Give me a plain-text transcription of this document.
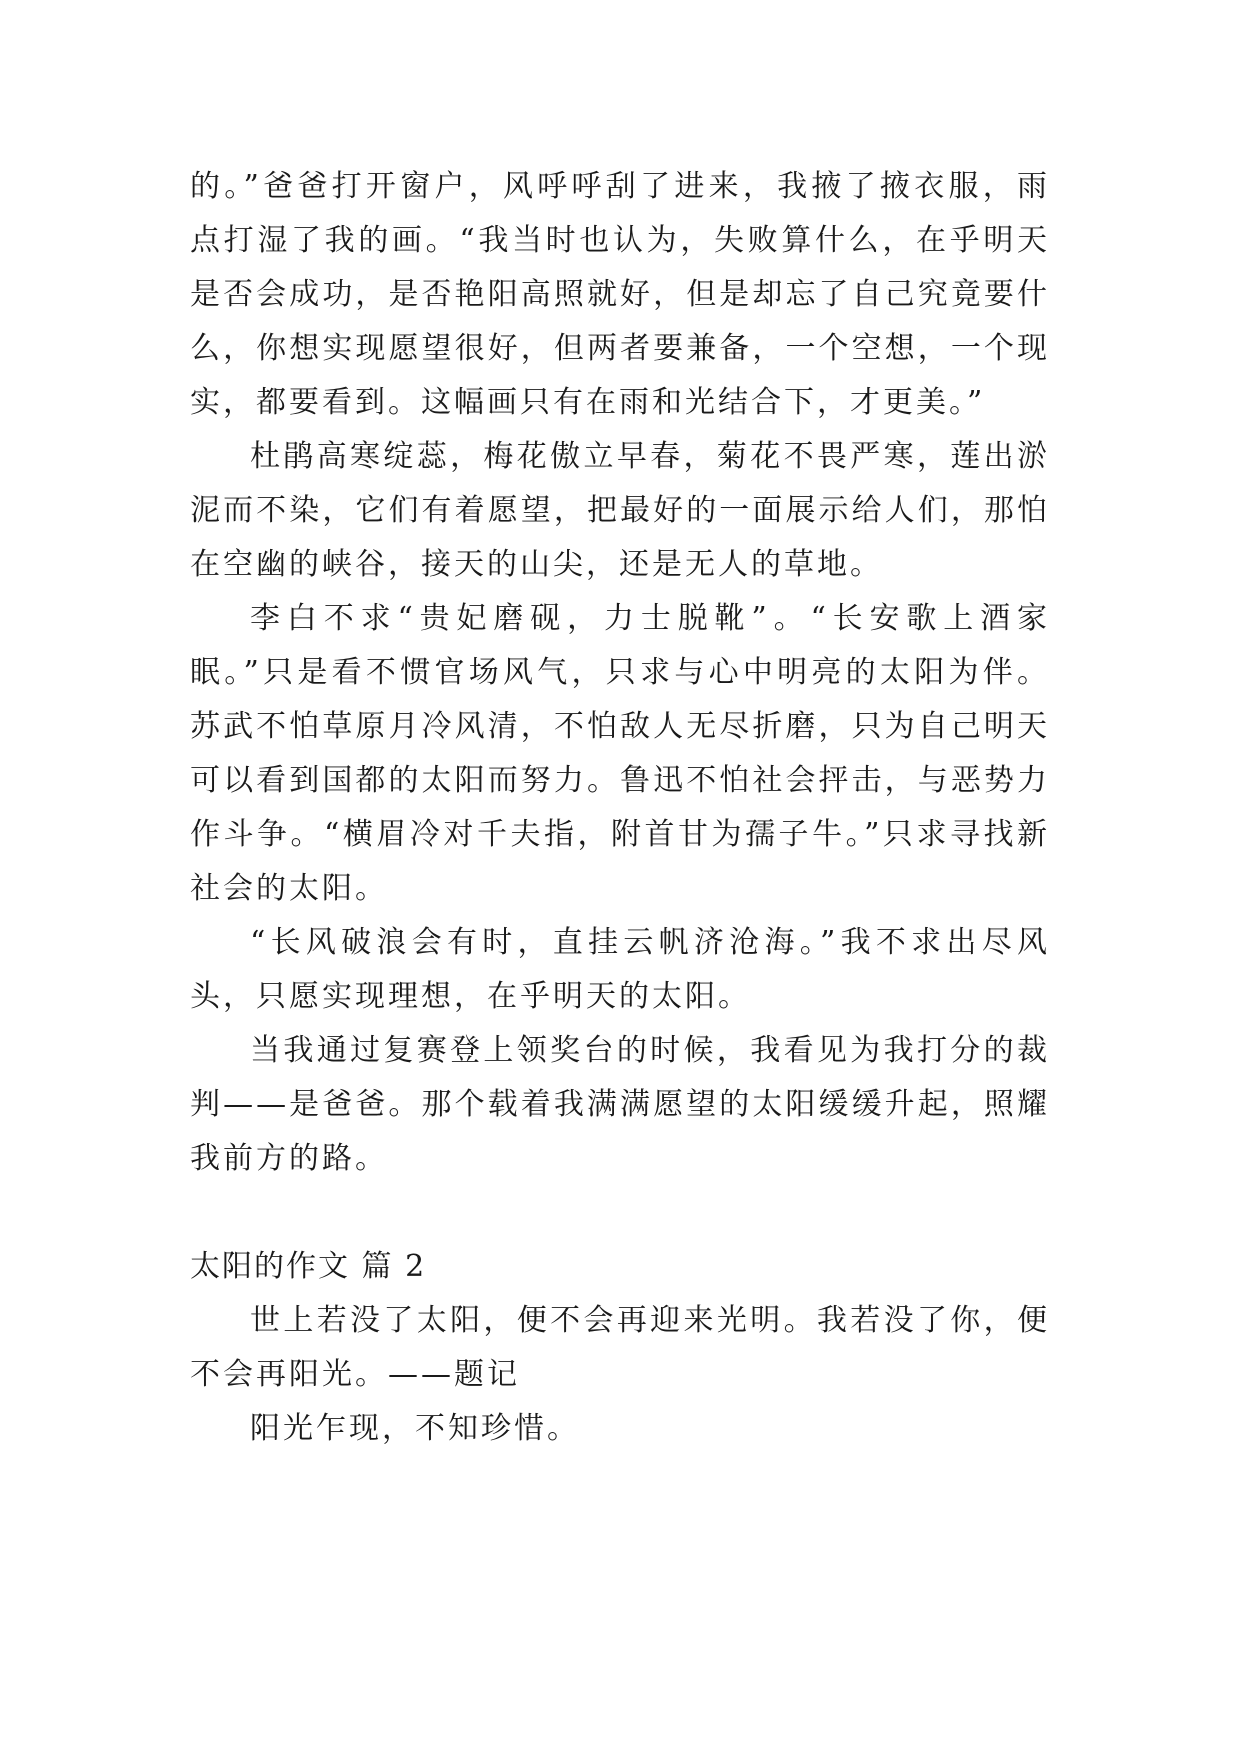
的。”爸爸打开窗户，风呼呼刮了进来，我掖了掖衣服，雨点打湿了我的画。“我当时也认为，失败算什么，在乎明天是否会成功，是否艳阳高照就好，但是却忘了自己究竟要什么，你想实现愿望很好，但两者要兼备，一个空想，一个现实，都要看到。这幅画只有在雨和光结合下，才更美。”

杜鹃高寒绽蕊，梅花傲立早春，菊花不畏严寒，莲出淤泥而不染，它们有着愿望，把最好的一面展示给人们，那怕在空幽的峡谷，接天的山尖，还是无人的草地。

李白不求“贵妃磨砚，力士脱靴”。“长安歌上酒家眠。”只是看不惯官场风气，只求与心中明亮的太阳为伴。苏武不怕草原月冷风清，不怕敌人无尽折磨，只为自己明天可以看到国都的太阳而努力。鲁迅不怕社会抨击，与恶势力作斗争。“横眉冷对千夫指，附首甘为孺子牛。”只求寻找新社会的太阳。

“长风破浪会有时，直挂云帆济沧海。”我不求出尽风头，只愿实现理想，在乎明天的太阳。

当我通过复赛登上领奖台的时候，我看见为我打分的裁判——是爸爸。那个载着我满满愿望的太阳缓缓升起，照耀我前方的路。

太阳的作文 篇 2

世上若没了太阳，便不会再迎来光明。我若没了你，便不会再阳光。——题记

阳光乍现，不知珍惜。
